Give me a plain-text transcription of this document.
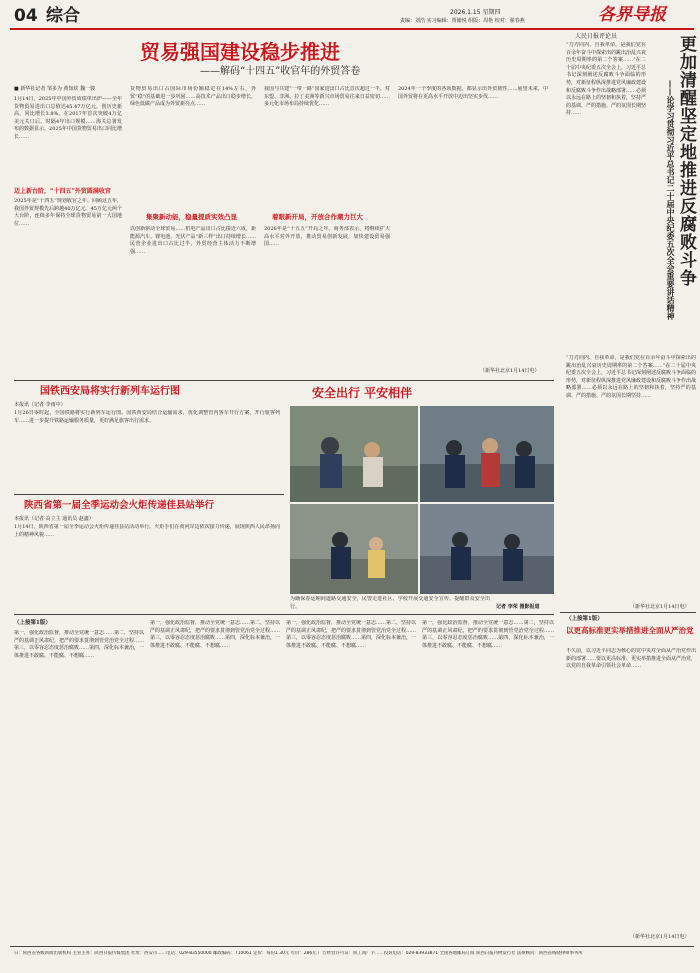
04 综合	2026.1.15 星期四
责编：刘浩 实习编辑：贾储悦 组版：周艳 校对：翟春燕	各界导报
更加清醒坚定地推进反腐败斗争
——论学习贯彻习近平总书记二十届中央纪委五次全会重要讲话精神
人民日报评论员
“刀刃向内、自我革命，是我们党在百余年奋斗中探索出的跳出治乱兴衰历史周期率的第二个答案……”在二十届中央纪委五次全会上，习近平总书记深刻阐述反腐败斗争面临的形势，对新征程纵深推进党风廉政建设和反腐败斗争作出战略部署……必须以永远在路上的坚韧和执着，坚持严的基调、严的措施、严的氛围长期坚持……
“刀刃向内、自我革命，是我们党在百余年奋斗中探索出的跳出治乱兴衰历史周期率的第二个答案……”在二十届中央纪委五次全会上，习近平总书记深刻阐述反腐败斗争面临的形势，对新征程纵深推进党风廉政建设和反腐败斗争作出战略部署……必须以永远在路上的坚韧和执着，坚持严的基调、严的措施、严的氛围长期坚持……
（新华社北京1月14日电）
贸易强国建设稳步推进
——解码“十四五”收官年的外贸答卷
■ 新华社记者 邹多为 黄知炫 魏一骏
1月14日，2025年中国外贸成绩单出炉——全年货物贸易进出口总值达45.47万亿元，创历史新高，同比增长3.8%。在2017年首次突破4万亿美元关口后，时隔4年出口规模……海关总署发布的数据显示，2025年中国货物贸易出口同比增长……
迈上新台阶，“十四五”外贸圆满收官
2025年是“十四五”规划收官之年。回顾这五年，我国外贸规模先后跨越40万亿元、45万亿元两个大台阶，连续多年保持全球货物贸易第一大国地位……
货物贸易出口占国际市场份额稳定在14%左右，外贸“稳”的基础进一步巩固……高技术产品出口稳步增长，绿色低碳产品成为外贸新亮点……
集聚新动能，稳量提质实效凸显
以创新驱动全球贸易……机电产品出口占比接近六成，新能源汽车、锂电池、光伏产品“新三样”出口持续增长……民营企业进出口占比过半，外贸经营主体活力不断增强……
我国与共建“一带一路”国家进出口占比首次超过一半，对东盟、非洲、拉丁美洲等新兴市场贸易往来日益密切……多元化市场布局持续优化……
着眼新开局，开放合作潮力巨大
2026年是“十五五”开局之年。商务部表示，将继续扩大高水平对外开放，推动贸易创新发展，加快建设贸易强国……
2024年一个季度的各项数据，都显示出外贸韧性……展望未来，中国外贸将在更高水平开放中迈出坚实步伐……
（新华社北京1月14日电）
国铁西安局将实行新列车运行图
本报讯（记者 李雨中）
1月26日零时起，全国铁路将实行新列车运行图。国铁西安局结合运输需求，优化调整管内客车开行方案，开行旅客列车……进一步提升铁路运输服务质量，更好满足旅客出行需求。
陕西省第一届全季运动会火炬传递佳县站举行
本报讯（记者 高立主 通讯员 赵鑫）
1月14日，陕西省第一届全季运动会火炬传递佳县站活动举行。火炬手们在黄河岸边依次接力传递，展现陕西人民昂扬向上的精神风貌……
安全出行 平安相伴
为确保春运期间道路交通安全，民警走进社区、学校开展交通安全宣传，提醒群众安全出行。	记者 李荣 摄影报道
（上接第1版）
第一，强化政治监督，推动全党统一意志……第二，坚持以严的基调正风肃纪，把严的要求贯彻到管党治党全过程……第三，以零容忍态度惩治腐败……第四，深化标本兼治，一体推进不敢腐、不能腐、不想腐……
第一，强化政治监督，推动全党统一意志……第二，坚持以严的基调正风肃纪，把严的要求贯彻到管党治党全过程……第三，以零容忍态度惩治腐败……第四，深化标本兼治，一体推进不敢腐、不能腐、不想腐……
第一，强化政治监督，推动全党统一意志……第二，坚持以严的基调正风肃纪，把严的要求贯彻到管党治党全过程……第三，以零容忍态度惩治腐败……第四，深化标本兼治，一体推进不敢腐、不能腐、不想腐……
第一，强化政治监督，推动全党统一意志……第二，坚持以严的基调正风肃纪，把严的要求贯彻到管党治党全过程……第三，以零容忍态度惩治腐败……第四，深化标本兼治，一体推进不敢腐、不能腐、不想腐……
（上接第1版）
以更高标准更实举措推进全面从严治党
不久前，以习近平同志为核心的党中央对全面从严治党作出新的部署……要以更高标准、更实举措推进全面从严治党，以党的自我革命引领社会革命……
（新华社北京1月14日电）
日：陕西省各级新闻出版机构 主管主办：陕西日报传媒集团 社址：西安市……电话：029-83550000 邮政编码：710061 定价：每份1.30元 年价：286元 广告经营许可证：陕工商广字……投诉电话：029-83933871 全国各地邮局订阅 陕西日报刊物发行社 法律顾问：陕西省杨晓律师事务所
